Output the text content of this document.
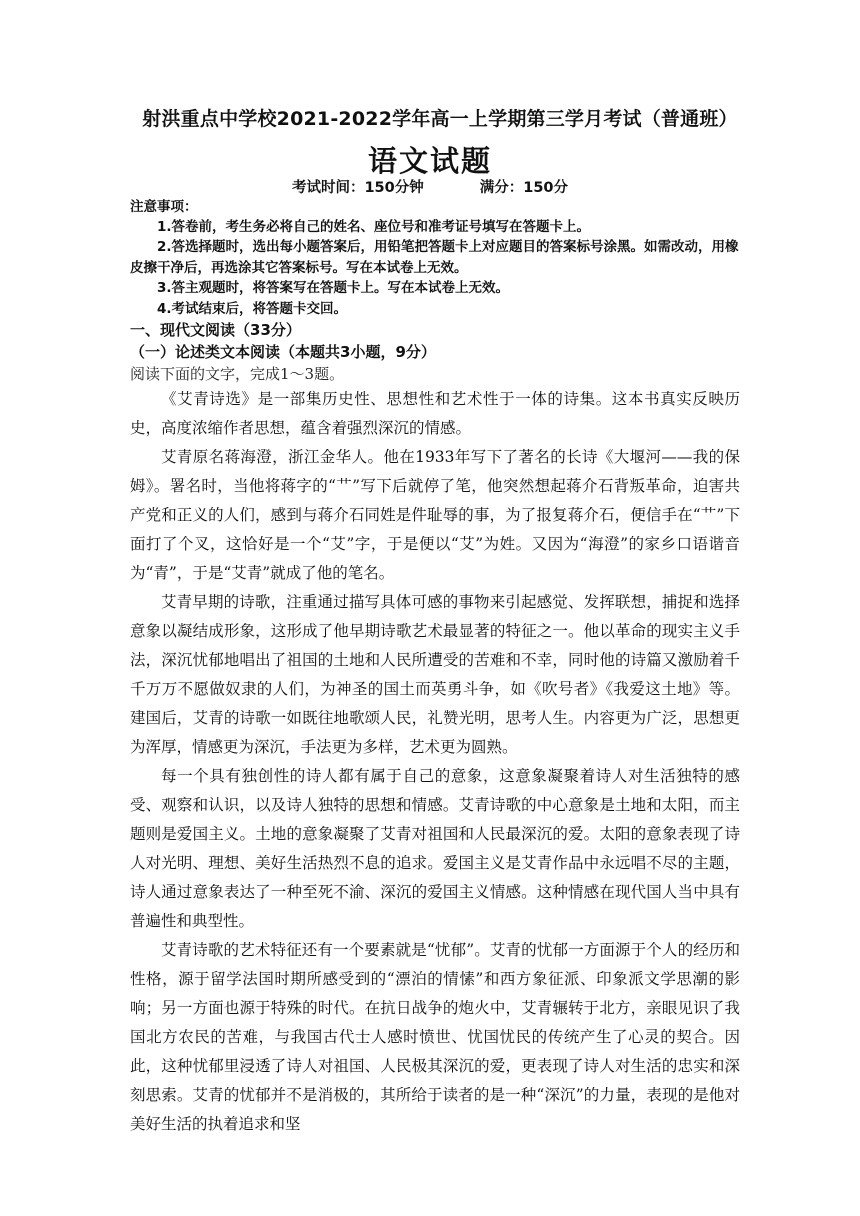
射洪重点中学校2021-2022学年高一上学期第三学月考试（普通班）
语文试题
考试时间：150分钟	满分：150分
注意事项：

1.答卷前，考生务必将自己的姓名、座位号和准考证号填写在答题卡上。

2.答选择题时，选出每小题答案后，用铅笔把答题卡上对应题目的答案标号涂黑。如需改动，用橡皮擦干净后，再选涂其它答案标号。写在本试卷上无效。

3.答主观题时，将答案写在答题卡上。写在本试卷上无效。

4.考试结束后，将答题卡交回。

一、现代文阅读（33分）
（一）论述类文本阅读（本题共3小题，9分）
阅读下面的文字，完成1～3题。

《艾青诗选》是一部集历史性、思想性和艺术性于一体的诗集。这本书真实反映历史，高度浓缩作者思想，蕴含着强烈深沉的情感。

艾青原名蒋海澄，浙江金华人。他在1933年写下了著名的长诗《大堰河——我的保姆》。署名时，当他将蒋字的“艹”写下后就停了笔，他突然想起蒋介石背叛革命，迫害共产党和正义的人们，感到与蒋介石同姓是件耻辱的事，为了报复蒋介石，便信手在“艹”下面打了个叉，这恰好是一个“艾”字，于是便以“艾”为姓。又因为“海澄”的家乡口语谐音为“青”，于是“艾青”就成了他的笔名。

艾青早期的诗歌，注重通过描写具体可感的事物来引起感觉、发挥联想，捕捉和选择意象以凝结成形象，这形成了他早期诗歌艺术最显著的特征之一。他以革命的现实主义手法，深沉忧郁地唱出了祖国的土地和人民所遭受的苦难和不幸，同时他的诗篇又激励着千千万万不愿做奴隶的人们，为神圣的国土而英勇斗争，如《吹号者》《我爱这土地》等。建国后，艾青的诗歌一如既往地歌颂人民，礼赞光明，思考人生。内容更为广泛，思想更为浑厚，情感更为深沉，手法更为多样，艺术更为圆熟。

每一个具有独创性的诗人都有属于自己的意象，这意象凝聚着诗人对生活独特的感受、观察和认识，以及诗人独特的思想和情感。艾青诗歌的中心意象是土地和太阳，而主题则是爱国主义。土地的意象凝聚了艾青对祖国和人民最深沉的爱。太阳的意象表现了诗人对光明、理想、美好生活热烈不息的追求。爱国主义是艾青作品中永远唱不尽的主题，诗人通过意象表达了一种至死不渝、深沉的爱国主义情感。这种情感在现代国人当中具有普遍性和典型性。

艾青诗歌的艺术特征还有一个要素就是“忧郁”。艾青的忧郁一方面源于个人的经历和性格，源于留学法国时期所感受到的“漂泊的情愫”和西方象征派、印象派文学思潮的影响；另一方面也源于特殊的时代。在抗日战争的炮火中，艾青辗转于北方，亲眼见识了我国北方农民的苦难，与我国古代士人感时愤世、忧国忧民的传统产生了心灵的契合。因此，这种忧郁里浸透了诗人对祖国、人民极其深沉的爱，更表现了诗人对生活的忠实和深刻思索。艾青的忧郁并不是消极的，其所给于读者的是一种“深沉”的力量，表现的是他对美好生活的执着追求和坚
